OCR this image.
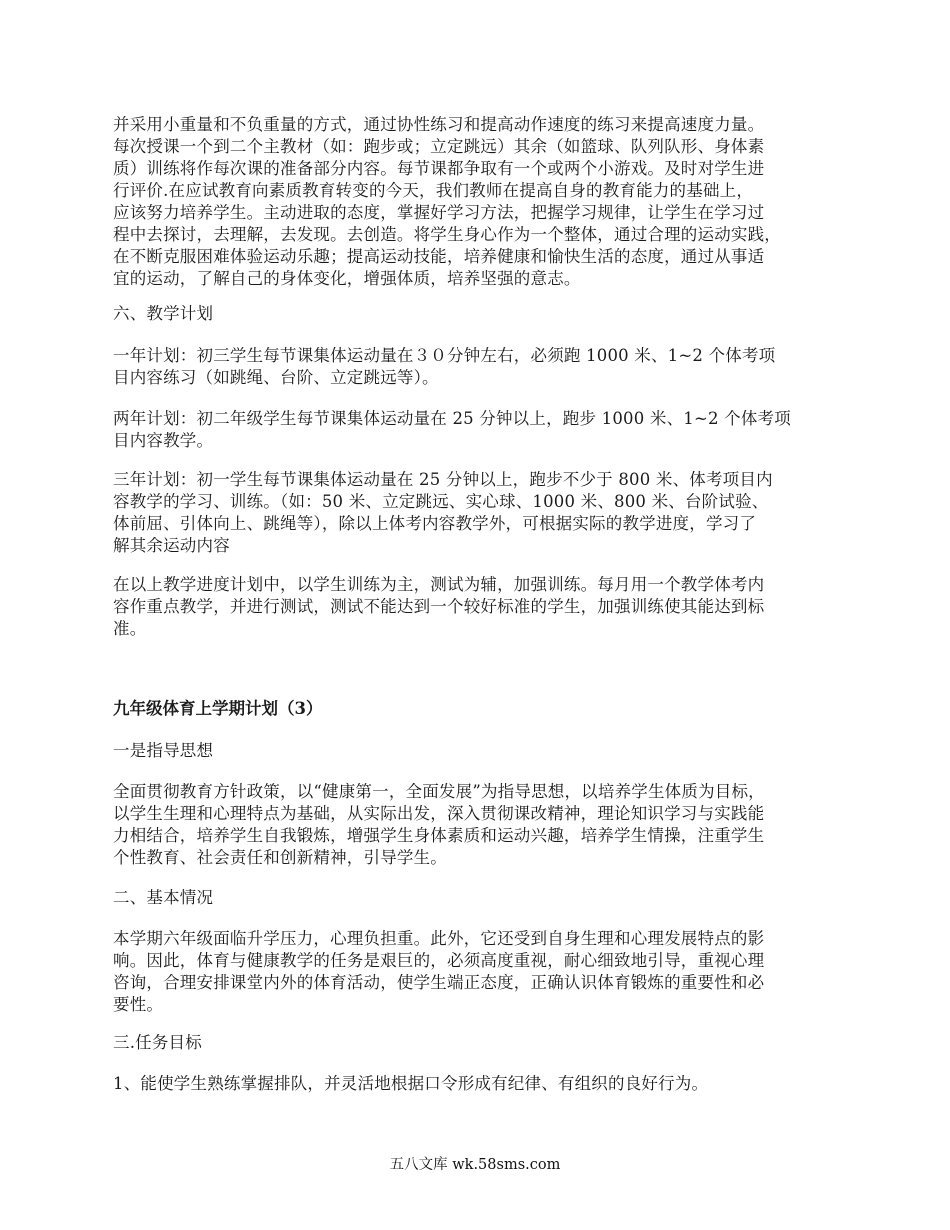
并采用小重量和不负重量的方式，通过协性练习和提高动作速度的练习来提高速度力量。
每次授课一个到二个主教材（如：跑步或；立定跳远）其余（如篮球、队列队形、身体素
质）训练将作每次课的准备部分内容。每节课都争取有一个或两个小游戏。及时对学生进
行评价.在应试教育向素质教育转变的今天，我们教师在提高自身的教育能力的基础上，
应该努力培养学生。主动进取的态度，掌握好学习方法，把握学习规律，让学生在学习过
程中去探讨，去理解，去发现。去创造。将学生身心作为一个整体，通过合理的运动实践，
在不断克服困难体验运动乐趣；提高运动技能，培养健康和愉快生活的态度，通过从事适
宜的运动，了解自己的身体变化，增强体质，培养坚强的意志。

六、教学计划

一年计划：初三学生每节课集体运动量在３０分钟左右，必须跑 1000 米、1~2 个体考项
目内容练习（如跳绳、台阶、立定跳远等）。

两年计划：初二年级学生每节课集体运动量在 25 分钟以上，跑步 1000 米、1~2 个体考项
目内容教学。

三年计划：初一学生每节课集体运动量在 25 分钟以上，跑步不少于 800 米、体考项目内
容教学的学习、训练。（如：50 米、立定跳远、实心球、1000 米、800 米、台阶试验、
体前屈、引体向上、跳绳等），除以上体考内容教学外，可根据实际的教学进度，学习了
解其余运动内容

在以上教学进度计划中，以学生训练为主，测试为辅，加强训练。每月用一个教学体考内
容作重点教学，并进行测试，测试不能达到一个较好标准的学生，加强训练使其能达到标
准。

九年级体育上学期计划（3）

一是指导思想

全面贯彻教育方针政策，以“健康第一，全面发展”为指导思想，以培养学生体质为目标，
以学生生理和心理特点为基础，从实际出发，深入贯彻课改精神，理论知识学习与实践能
力相结合，培养学生自我锻炼，增强学生身体素质和运动兴趣，培养学生情操，注重学生
个性教育、社会责任和创新精神，引导学生。

二、基本情况

本学期六年级面临升学压力，心理负担重。此外，它还受到自身生理和心理发展特点的影
响。因此，体育与健康教学的任务是艰巨的，必须高度重视，耐心细致地引导，重视心理
咨询，合理安排课堂内外的体育活动，使学生端正态度，正确认识体育锻炼的重要性和必
要性。

三.任务目标

1、能使学生熟练掌握排队，并灵活地根据口令形成有纪律、有组织的良好行为。

五八文库 wk.58sms.com
